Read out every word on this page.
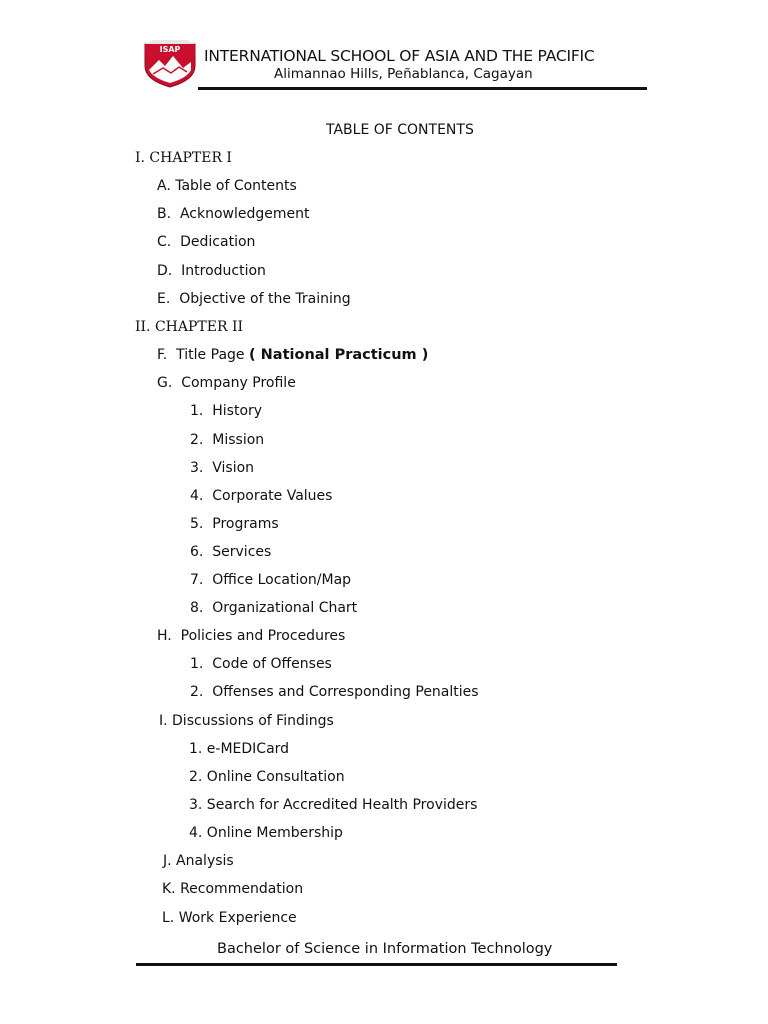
ISAP INTERNATIONAL SCHOOL OF ASIA AND THE PACIFIC
Alimannao Hills, Peñablanca, Cagayan
TABLE OF CONTENTS
I. CHAPTER I
A. Table of Contents
B. Acknowledgement
C. Dedication
D. Introduction
E. Objective of the Training
II. CHAPTER II
F. Title Page ( National Practicum )
G. Company Profile
1. History
2. Mission
3. Vision
4. Corporate Values
5. Programs
6. Services
7. Office Location/Map
8. Organizational Chart
H. Policies and Procedures
1. Code of Offenses
2. Offenses and Corresponding Penalties
I. Discussions of Findings
1. e-MEDICard
2. Online Consultation
3. Search for Accredited Health Providers
4. Online Membership
J. Analysis
K. Recommendation
L. Work Experience
Bachelor of Science in Information Technology
